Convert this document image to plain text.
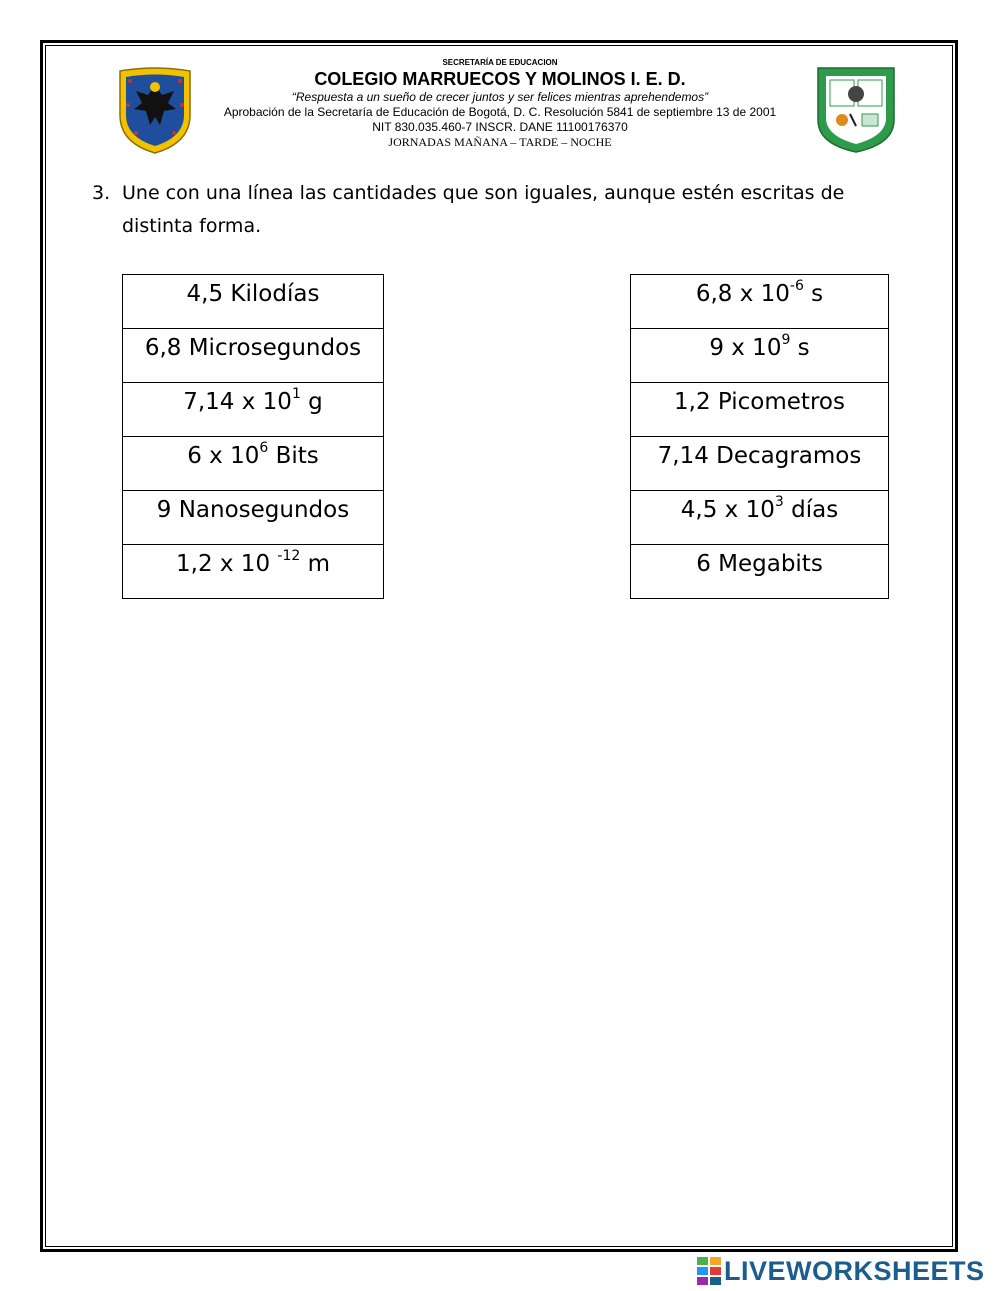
SECRETARÍA DE EDUCACION
COLEGIO MARRUECOS Y MOLINOS I. E. D.
“Respuesta a un sueño de crecer juntos y ser felices mientras aprehendemos”
Aprobación de la Secretaría de Educación de Bogotá, D. C. Resolución 5841 de septiembre 13 de 2001
NIT 830.035.460-7 INSCR. DANE 11100176370
JORNADAS MAÑANA – TARDE – NOCHE
3. Une con una línea las cantidades que son iguales, aunque estén escritas de distinta forma.
4,5 Kilodías
6,8 Microsegundos
7,14 x $10^1$ g
6 x $10^6$ Bits
9 Nanosegundos
1,2 x 10 $^{-12}$ m
6,8 x $10^{-6}$ s
9 x $10^9$ s
1,2 Picometros
7,14 Decagramos
4,5 x $10^3$ días
6 Megabits
LIVEWORKSHEETS
